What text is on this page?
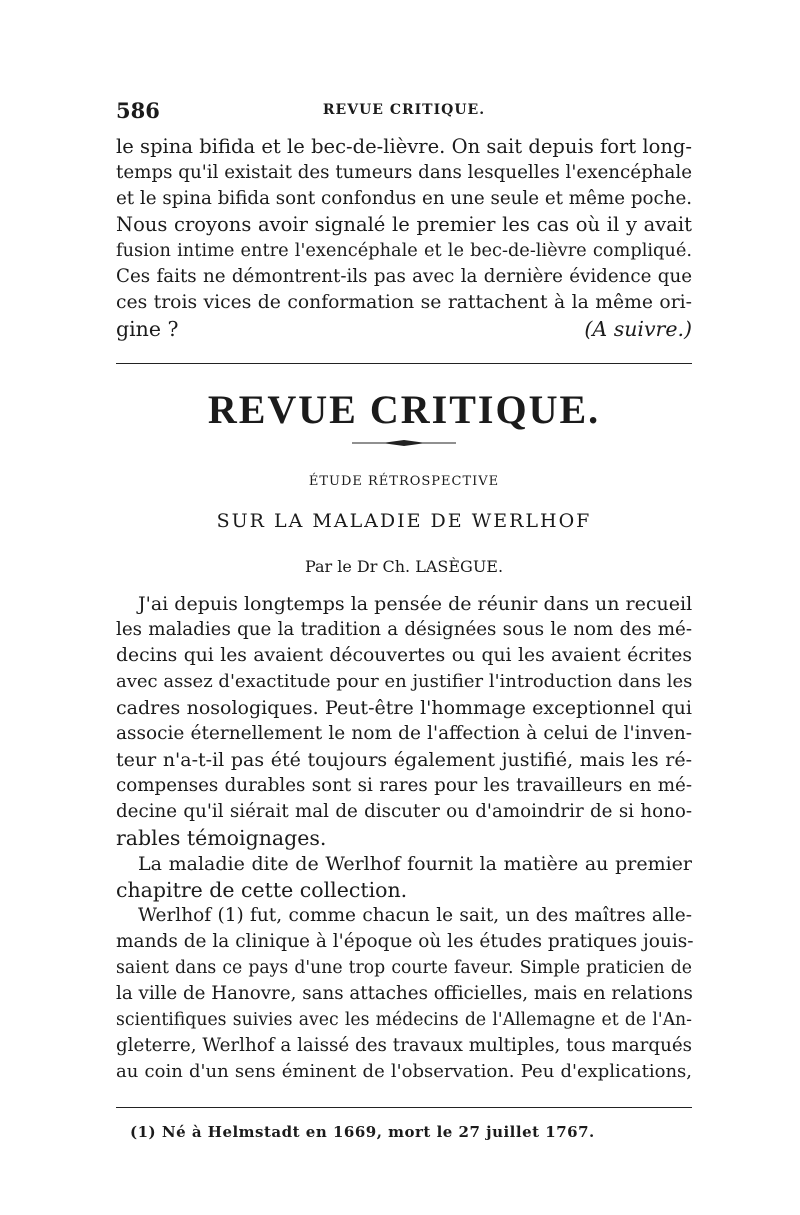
586	REVUE CRITIQUE.
le spina bifida et le bec-de-lièvre. On sait depuis fort long-
temps qu'il existait des tumeurs dans lesquelles l'exencéphale
et le spina bifida sont confondus en une seule et même poche.
Nous croyons avoir signalé le premier les cas où il y avait
fusion intime entre l'exencéphale et le bec-de-lièvre compliqué.
Ces faits ne démontrent-ils pas avec la dernière évidence que
ces trois vices de conformation se rattachent à la même ori-
gine ?	(A suivre.)
REVUE CRITIQUE.
ÉTUDE RÉTROSPECTIVE
SUR LA MALADIE DE WERLHOF
Par le Dr Ch. LASÈGUE.
J'ai depuis longtemps la pensée de réunir dans un recueil
les maladies que la tradition a désignées sous le nom des mé-
decins qui les avaient découvertes ou qui les avaient écrites
avec assez d'exactitude pour en justifier l'introduction dans les
cadres nosologiques. Peut-être l'hommage exceptionnel qui
associe éternellement le nom de l'affection à celui de l'inven-
teur n'a-t-il pas été toujours également justifié, mais les ré-
compenses durables sont si rares pour les travailleurs en mé-
decine qu'il siérait mal de discuter ou d'amoindrir de si hono-
rables témoignages.
La maladie dite de Werlhof fournit la matière au premier
chapitre de cette collection.
Werlhof (1) fut, comme chacun le sait, un des maîtres alle-
mands de la clinique à l'époque où les études pratiques jouis-
saient dans ce pays d'une trop courte faveur. Simple praticien de
la ville de Hanovre, sans attaches officielles, mais en relations
scientifiques suivies avec les médecins de l'Allemagne et de l'An-
gleterre, Werlhof a laissé des travaux multiples, tous marqués
au coin d'un sens éminent de l'observation. Peu d'explications,
(1) Né à Helmstadt en 1669, mort le 27 juillet 1767.
